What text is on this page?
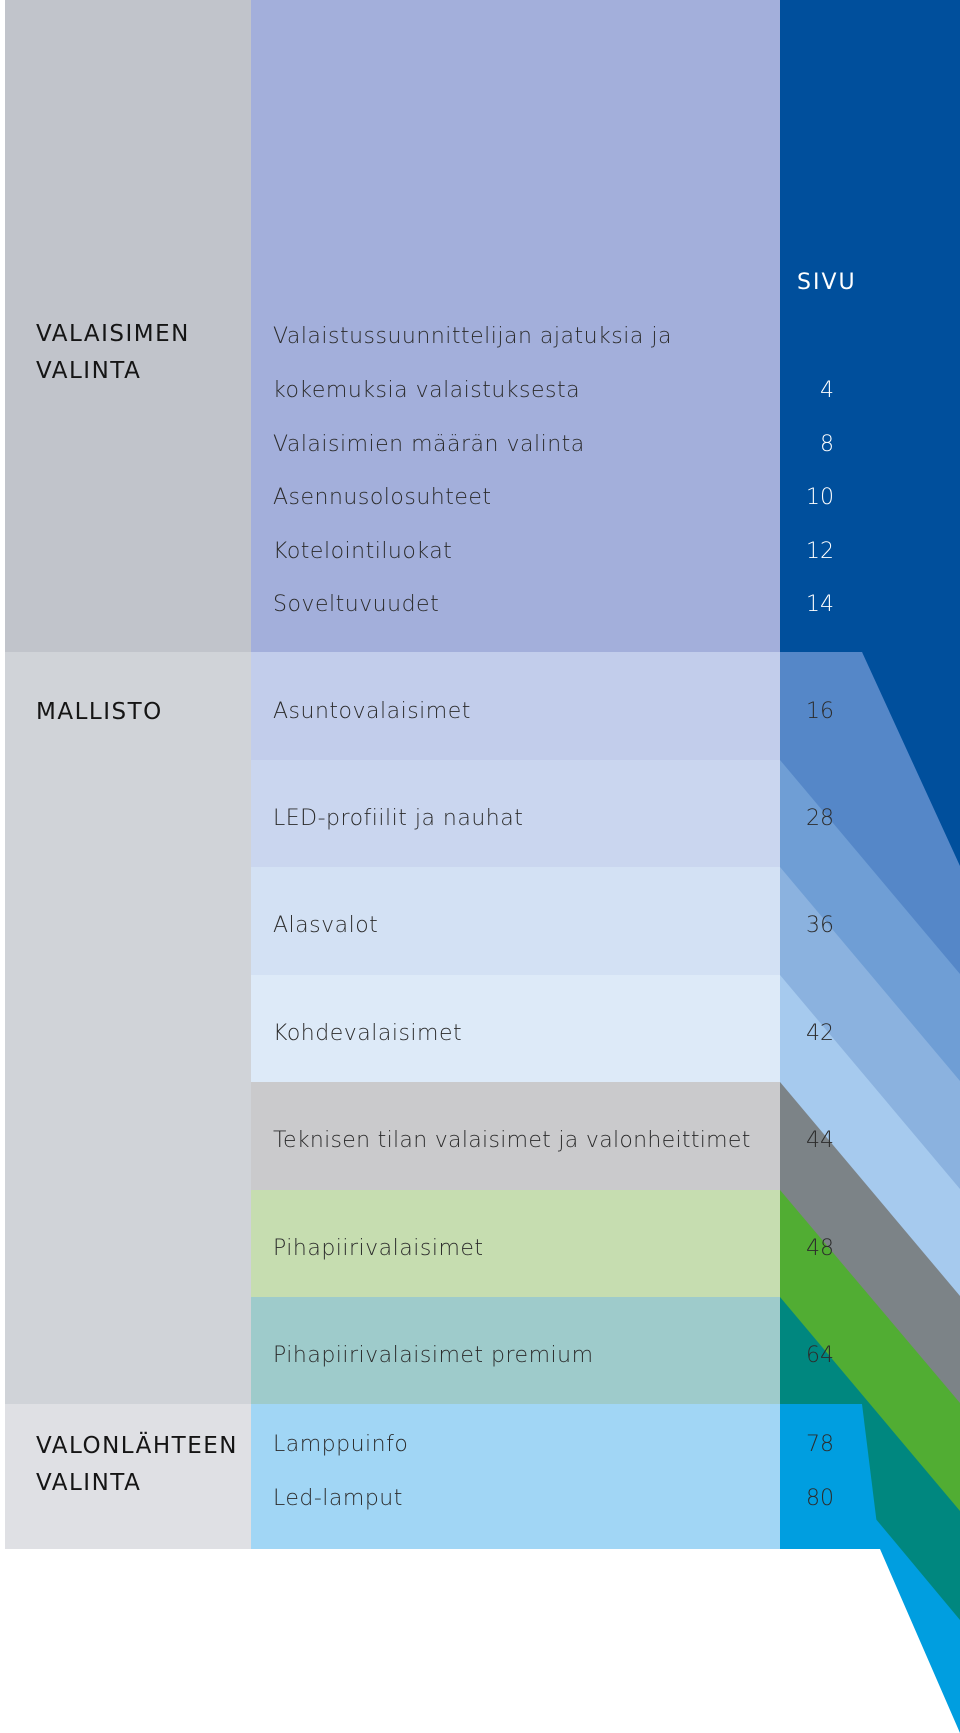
SIVU
VALAISIMEN
VALINTA
MALLISTO
VALONLÄHTEEN
VALINTA
Valaistussuunnittelijan ajatuksia ja
kokemuksia valaistuksesta	4
Valaisimien määrän valinta	8
Asennusolosuhteet	10
Kotelointiluokat	12
Soveltuvuudet	14
Asuntovalaisimet	16
LED-profiilit ja nauhat	28
Alasvalot	36
Kohdevalaisimet	42
Teknisen tilan valaisimet ja valonheittimet	44
Pihapiirivalaisimet	48
Pihapiirivalaisimet premium	64
Lamppuinfo	78
Led-lamput	80
